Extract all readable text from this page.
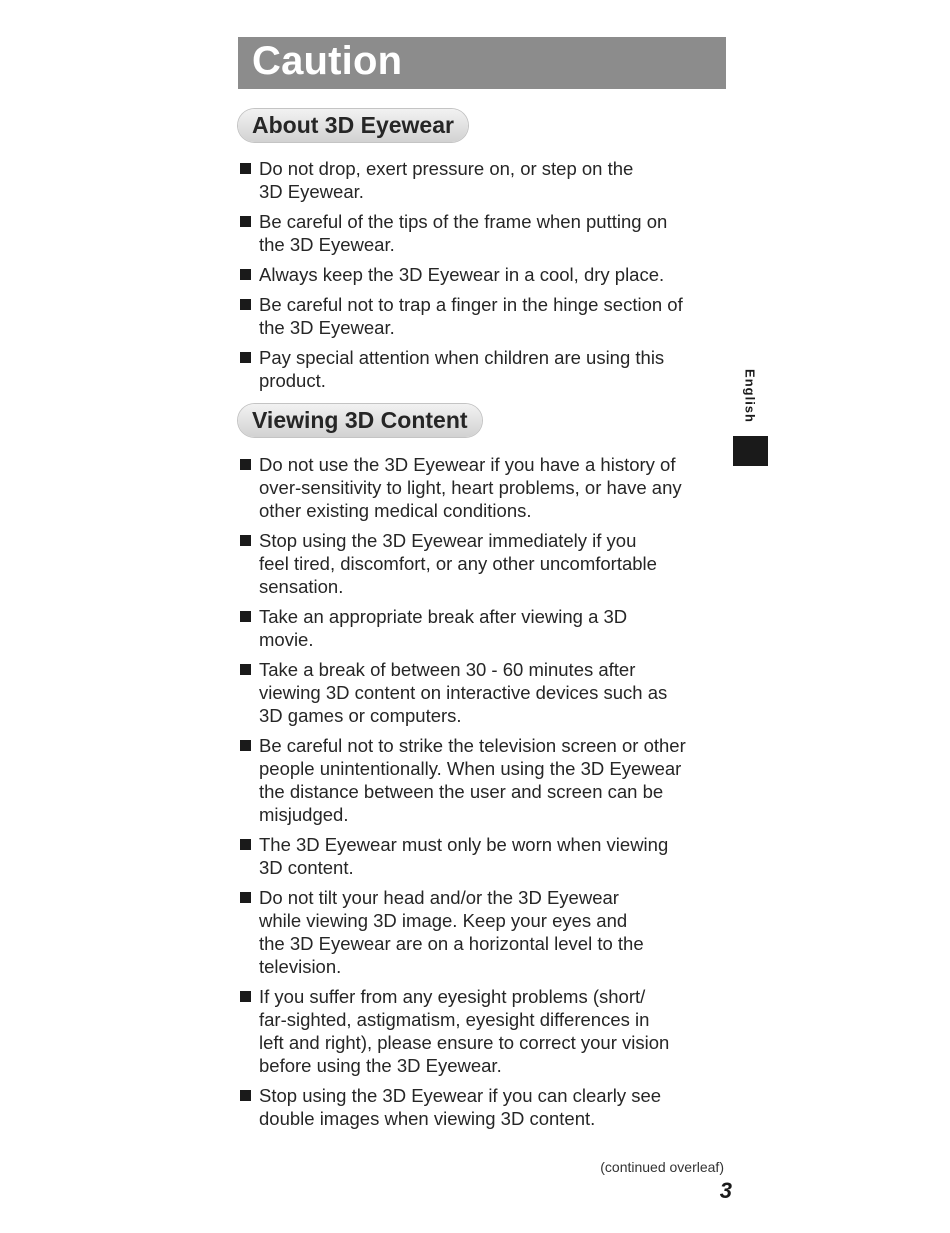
Caution
About 3D Eyewear
Do not drop, exert pressure on, or step on the
3D Eyewear.
Be careful of the tips of the frame when putting on
the 3D Eyewear.
Always keep the 3D Eyewear in a cool, dry place.
Be careful not to trap a finger in the hinge section of
the 3D Eyewear.
Pay special attention when children are using this
product.
Viewing 3D Content
Do not use the 3D Eyewear if you have a history of
over-sensitivity to light, heart problems, or have any
other existing medical conditions.
Stop using the 3D Eyewear immediately if you
feel tired, discomfort, or any other uncomfortable
sensation.
Take an appropriate break after viewing a 3D
movie.
Take a break of between 30 - 60 minutes after
viewing 3D content on interactive devices such as
3D games or computers.
Be careful not to strike the television screen or other
people unintentionally. When using the 3D Eyewear
the distance between the user and screen can be
misjudged.
The 3D Eyewear must only be worn when viewing
3D content.
Do not tilt your head and/or the 3D Eyewear
while viewing 3D image. Keep your eyes and
the 3D Eyewear are on a horizontal level to the
television.
If you suffer from any eyesight problems (short/
far-sighted, astigmatism, eyesight differences in
left and right), please ensure to correct your vision
before using the 3D Eyewear.
Stop using the 3D Eyewear if you can clearly see
double images when viewing 3D content.
English
(continued overleaf)
3
